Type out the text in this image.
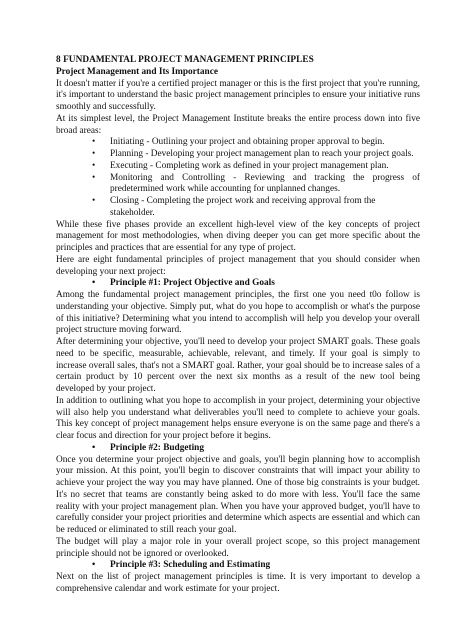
8 FUNDAMENTAL PROJECT MANAGEMENT PRINCIPLES
Project Management and Its Importance

It doesn't matter if you're a certified project manager or this is the first project that you're running, it's important to understand the basic project management principles to ensure your initiative runs smoothly and successfully.

At its simplest level, the Project Management Institute breaks the entire process down into five broad areas:

• Initiating - Outlining your project and obtaining proper approval to begin.
• Planning - Developing your project management plan to reach your project goals.
• Executing - Completing work as defined in your project management plan.
• Monitoring and Controlling - Reviewing and tracking the progress of predetermined work while accounting for unplanned changes.
• Closing - Completing the project work and receiving approval from the stakeholder.

While these five phases provide an excellent high-level view of the key concepts of project management for most methodologies, when diving deeper you can get more specific about the principles and practices that are essential for any type of project.

Here are eight fundamental principles of project management that you should consider when developing your next project:

• Principle #1: Project Objective and Goals

Among the fundamental project management principles, the first one you need t0o follow is understanding your objective. Simply put, what do you hope to accomplish or what's the purpose of this initiative? Determining what you intend to accomplish will help you develop your overall project structure moving forward.

After determining your objective, you'll need to develop your project SMART goals. These goals need to be specific, measurable, achievable, relevant, and timely. If your goal is simply to increase overall sales, that's not a SMART goal. Rather, your goal should be to increase sales of a certain product by 10 percent over the next six months as a result of the new tool being developed by your project.

In addition to outlining what you hope to accomplish in your project, determining your objective will also help you understand what deliverables you'll need to complete to achieve your goals. This key concept of project management helps ensure everyone is on the same page and there's a clear focus and direction for your project before it begins.

• Principle #2: Budgeting

Once you determine your project objective and goals, you'll begin planning how to accomplish your mission. At this point, you'll begin to discover constraints that will impact your ability to achieve your project the way you may have planned. One of those big constraints is your budget. It's no secret that teams are constantly being asked to do more with less. You'll face the same reality with your project management plan. When you have your approved budget, you'll have to carefully consider your project priorities and determine which aspects are essential and which can be reduced or eliminated to still reach your goal.

The budget will play a major role in your overall project scope, so this project management principle should not be ignored or overlooked.

• Principle #3: Scheduling and Estimating

Next on the list of project management principles is time. It is very important to develop a comprehensive calendar and work estimate for your project.
